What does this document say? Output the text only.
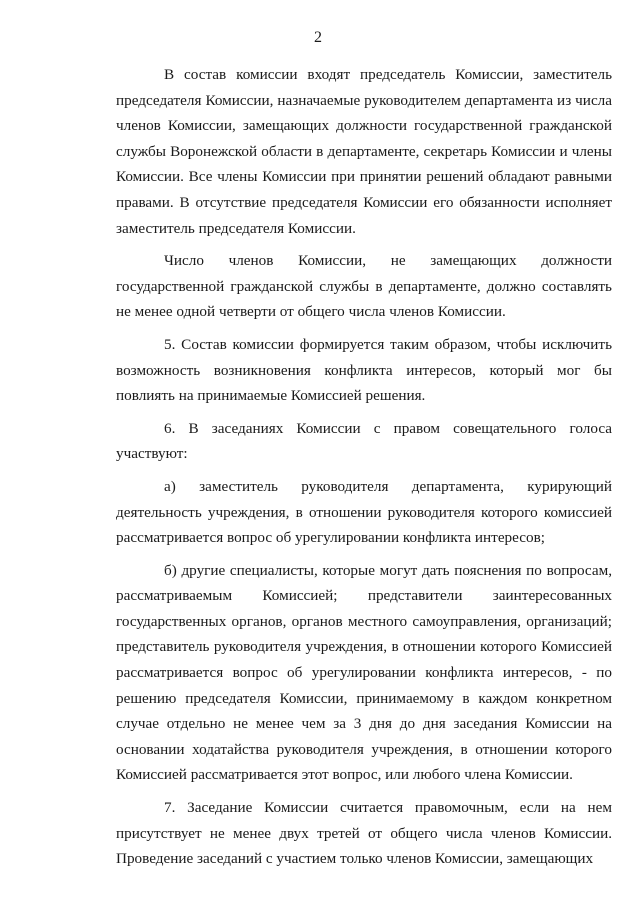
2

В состав комиссии входят председатель Комиссии, заместитель председателя Комиссии, назначаемые руководителем департамента из числа членов Комиссии, замещающих должности государственной гражданской службы Воронежской области в департаменте, секретарь Комиссии и члены Комиссии. Все члены Комиссии при принятии решений обладают равными правами. В отсутствие председателя Комиссии его обязанности исполняет заместитель председателя Комиссии.

Число членов Комиссии, не замещающих должности государственной гражданской службы в департаменте, должно составлять не менее одной четверти от общего числа членов Комиссии.

5. Состав комиссии формируется таким образом, чтобы исключить возможность возникновения конфликта интересов, который мог бы повлиять на принимаемые Комиссией решения.

6. В заседаниях Комиссии с правом совещательного голоса участвуют:

а) заместитель руководителя департамента, курирующий деятельность учреждения, в отношении руководителя которого комиссией рассматривается вопрос об урегулировании конфликта интересов;

б) другие специалисты, которые могут дать пояснения по вопросам, рассматриваемым Комиссией; представители заинтересованных государственных органов, органов местного самоуправления, организаций; представитель руководителя учреждения, в отношении которого Комиссией рассматривается вопрос об урегулировании конфликта интересов, - по решению председателя Комиссии, принимаемому в каждом конкретном случае отдельно не менее чем за 3 дня до дня заседания Комиссии на основании ходатайства руководителя учреждения, в отношении которого Комиссией рассматривается этот вопрос, или любого члена Комиссии.

7. Заседание Комиссии считается правомочным, если на нем присутствует не менее двух третей от общего числа членов Комиссии. Проведение заседаний с участием только членов Комиссии, замещающих
